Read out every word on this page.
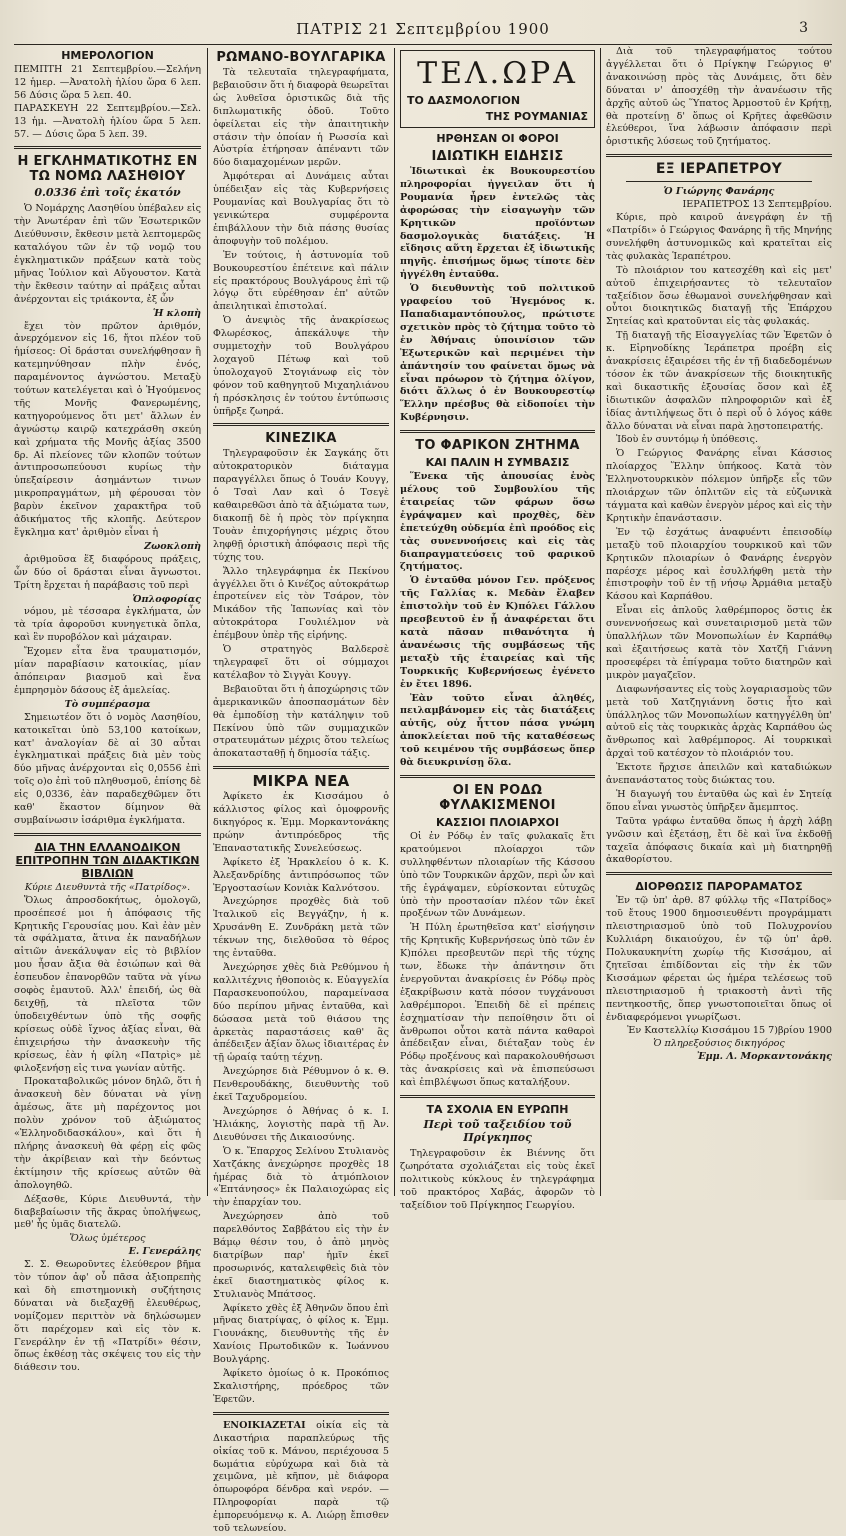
ΠΑΤΡΙΣ 21 Σεπτεμβρίου 1900	3
ΗΜΕΡΟΛΟΓΙΟΝ
ΠΕΜΠΤΗ 21 Σεπτεμβρίου.—Σελήνη 12 ἡμερ. —Ἀνατολὴ ἡλίου ὥρα 6 λεπ. 56 Δύσις ὥρα 5 λεπ. 40.
ΠΑΡΑΣΚΕΥΗ 22 Σεπτεμβρίου.—Σελ. 13 ἡμ. —Ἀνατολὴ ἡλίου ὥρα 5 λεπ. 57. — Δύσις ὥρα 5 λεπ. 39.
Η ΕΓΚΛΗΜΑΤΙΚΟΤΗΣ ΕΝ ΤΩ ΝΟΜΩ ΛΑΣΗΘΙΟΥ
0.0336 ἐπὶ τοῖς ἑκατόν

Ὁ Νομάρχης Λασηθίου ὑπέβαλεν εἰς τὴν Ἀνωτέραν ἐπὶ τῶν Ἐσωτερικῶν Διεύθυνσιν, ἔκθεσιν μετὰ λεπτομερῶς καταλόγου τῶν ἐν τῷ νομῷ του ἐγκληματικῶν πράξεων κατὰ τοὺς μῆνας Ἰούλιον καὶ Αὔγουστον. Κατὰ τὴν ἔκθεσιν ταύτην αἱ πράξεις αὗται ἀνέρχονται εἰς τριάκοντα, ἐξ ὧν

Ἡ κλοπὴ

ἔχει τὸν πρῶτον ἀριθμόν, ἀνερχόμενον εἰς 16, ἤτοι πλέον τοῦ ἡμίσεος: Οἱ δράσται συνελήφθησαν ἢ κατεμηνύθησαν πλὴν ἑνός, παραμένοντος ἀγνώστου. Μεταξὺ τούτων κατελέγεται καὶ ὁ Ἡγούμενος τῆς Μονῆς Φανερωμένης, κατηγορούμενος ὅτι μετ' ἄλλων ἐν ἀγνώστῳ καιρῷ κατεχράσθη σκεύη καὶ χρήματα τῆς Μονῆς ἀξίας 3500 δρ. Αἱ πλείονες τῶν κλοπῶν τούτων ἀντιπροσωπεύουσι κυρίως τὴν ὑπεξαίρεσιν ἀσημάντων τινων μικροπραγμάτων, μὴ φέρουσαι τὸν βαρὺν ἐκεῖνον χαρακτῆρα τοῦ ἀδικήματος τῆς κλοπῆς. Δεύτερον ἔγκλημα κατ' ἀριθμὸν εἶναι ἡ

Ζωοκλοπὴ

ἀριθμοῦσα ἕξ διαφόρους πράξεις, ὧν δύο οἱ δράσται εἶναι ἄγνωστοι. Τρίτη ἔρχεται ἡ παράβασις τοῦ περὶ

Ὁπλοφορίας

νόμου, μὲ τέσσαρα ἐγκλήματα, ὧν τὰ τρία ἀφοροῦσι κυνηγετικὰ ὅπλα, καὶ ἓν πυροβόλον καὶ μάχαιραν.

Ἔχομεν εἶτα ἕνα τραυματισμόν, μίαν παραβίασιν κατοικίας, μίαν ἀπόπειραν βιασμοῦ καὶ ἕνα ἐμπρησμὸν δάσους ἐξ ἀμελείας.

Τὸ συμπέρασμα

Σημειωτέον ὅτι ὁ νομὸς Λασηθίου, κατοικεῖται ὑπὸ 53,100 κατοίκων, κατ' ἀναλογίαν δὲ αἱ 30 αὗται ἐγκληματικαὶ πράξεις διὰ μὲν τοὺς δύο μῆνας ἀνέρχονται εἰς 0,0556 ἐπὶ τοῖς ο)ο ἐπὶ τοῦ πληθυσμοῦ, ἐπίσης δὲ εἰς 0,0336, ἐὰν παραδεχθῶμεν ὅτι καθ' ἕκαστον δίμηνον θὰ συμβαίνωσιν ἰσάριθμα ἐγκλήματα.

ΔΙΑ ΤΗΝ ΕΛΛΑΝΟΔΙΚΟΝ ΕΠΙΤΡΟΠΗΝ ΤΩΝ ΔΙΔΑΚΤΙΚΩΝ ΒΙΒΛΙΩΝ
Κύριε Διευθυντὰ τῆς «Πατρίδος».

Ὅλως ἀπροσδοκήτως, ὁμολογῶ, προσέπεσέ μοι ἡ ἀπόφασις τῆς Κρητικῆς Γερουσίας μου. Καὶ ἐὰν μὲν τὰ σφάλματα, ἅτινα ἐκ παναδήλων αἰτιῶν ἀνεκάλυψαν εἰς τὸ βιβλίον μου ἦσαν ἄξια θὰ ἐσιώπων καὶ θὰ ἐσπευδον ἐπανορθῶν ταῦτα νὰ γίνω σοφὸς ἐμαυτοῦ. Ἀλλ' ἐπειδή, ὡς θὰ δειχθῇ, τὰ πλεῖστα τῶν ὑποδειχθέντων ὑπὸ τῆς σοφῆς κρίσεως οὐδὲ ἴχνος ἀξίας εἶναι, θὰ ἐπιχειρήσω τὴν ἀνασκευὴν τῆς κρίσεως, ἐὰν ἡ φίλη «Πατρὶς» μὲ φιλοξενήσῃ εἰς τινα γωνίαν αὐτῆς.

Προκαταβολικῶς μόνον δηλῶ, ὅτι ἡ ἀνασκευὴ δὲν δύναται νὰ γίνῃ ἀμέσως, ἅτε μὴ παρέχοντος μοι πολὺν χρόνον τοῦ ἀξιώματος «Ἑλληνοδιδασκάλου», καὶ ὅτι ἡ πλήρης ἀνασκευὴ θὰ φέρῃ εἰς φῶς τὴν ἀκρίβειαν καὶ τὴν δεόντως ἐκτίμησιν τῆς κρίσεως αὐτῶν θὰ ἀπολογηθῶ.

Δέξασθε, Κύριε Διευθυντά, τὴν διαβεβαίωσιν τῆς ἄκρας ὑπολήψεως, μεθ' ἧς ὑμᾶς διατελῶ.

Ὅλως ὑμέτερος
Ε. Γενεράλης

Σ. Σ. Θεωροῦντες ἐλεύθερον βῆμα τὸν τύπον ἀφ' οὗ πᾶσα ἀξιοπρεπὴς καὶ δὴ επιστημονικὴ συζήτησις δύναται νὰ διεξαχθῇ ἐλευθέρως, νομίζομεν περιττὸν νὰ δηλώσωμεν ὅτι παρέχομεν καὶ εἰς τὸν κ. Γενεράλην ἐν τῇ «Πατρίδι» θέσιν, ὅπως ἐκθέσῃ τὰς σκέψεις του εἰς τὴν διάθεσιν του.

ΡΩΜΑΝΟ-ΒΟΥΛΓΑΡΙΚΑ

Τὰ τελευταῖα τηλεγραφήματα, βεβαιοῦσιν ὅτι ἡ διαφορὰ θεωρεῖται ὡς λυθεῖσα ὁριστικῶς διὰ τῆς διπλωματικῆς ὁδοῦ. Τοῦτο ὀφείλεται εἰς τὴν ἀπαιτητικὴν στάσιν τὴν ὁποίαν ἡ Ρωσσία καὶ Αὐστρία ἐτήρησαν ἀπέναντι τῶν δύο διαμαχομένων μερῶν.

Ἀμφότεραι αἱ Δυνάμεις αὗται ὑπέδειξαν εἰς τὰς Κυβερνήσεις Ρουμανίας καὶ Βουλγαρίας ὅτι τὸ γενικώτερα συμφέροντα ἐπιβάλλουν τὴν διὰ πάσης θυσίας ἀποφυγὴν τοῦ πολέμου.

Ἐν τούτοις, ἡ ἀστυνομία τοῦ Βουκουρεστίου ἐπέτεινε καὶ πάλιν εἰς πρακτόρους Βουλγάρους ἐπὶ τῷ λόγῳ ὅτι εὑρέθησαν ἐπ' αὐτῶν ἀπειλητικαὶ ἐπιστολαί.

Ὁ ἀνεψιὸς τῆς ἀνακρίσεως Φλωρέσκος, ἀπεκάλυψε τὴν συμμετοχὴν τοῦ Βουλγάρου λοχαγοῦ Πέτωφ καὶ τοῦ ὑπολοχαγοῦ Στογιάνωφ εἰς τὸν φόνον τοῦ καθηγητοῦ Μιχαηλιάνου ἡ πρόσκλησις ἐν τούτου ἐντύπωσις ὑπῆρξε ζωηρά.

ΚΙΝΕΖΙΚΑ

Τηλεγραφοῦσιν ἐκ Σαγκάης ὅτι αὐτοκρατορικὸν διάταγμα παραγγέλλει ὅπως ὁ Τουάν Κουγγ, ὁ Τσαὶ Λαν καὶ ὁ Τσεγὲ καθαιρεθῶσι ἀπὸ τὰ ἀξιώματα των, διακοπῇ δὲ ἡ πρὸς τὸν πρίγκηπα Τουὰν ἐπιχορήγησις μέχρις ὅτου ληφθῇ ὁριστικὴ ἀπόφασις περὶ τῆς τύχης του.

Ἄλλο τηλεγράφημα ἐκ Πεκίνου ἀγγέλλει ὅτι ὁ Κινέζος αὐτοκράτωρ ἐπροτείνεν εἰς τὸν Τσάρον, τὸν Μικάδον τῆς Ἰαπωνίας καὶ τὸν αὐτοκράτορα Γουλιέλμον νὰ ἐπέμβουν ὑπὲρ τῆς εἰρήνης.

Ὁ στρατηγὸς Βαλδερσὲ τηλεγραφεῖ ὅτι οἱ σύμμαχοι κατέλαβον τὸ Σιγγὰι Κουγγ.

Βεβαιοῦται ὅτι ἡ ἀποχώρησις τῶν ἀμερικανικῶν ἀποσπασμάτων δὲν θὰ ἐμποδίσῃ τὴν κατάληψιν τοῦ Πεκίνου ὑπὸ τῶν συμμαχικῶν στρατευμάτων μέχρις ὅτου τελείως ἀποκατασταθῇ ἡ δημοσία τάξις.

ΜΙΚΡΑ ΝΕΑ

Ἀφίκετο ἐκ Κισσάμου ὁ κάλλιστος φίλος καὶ ὁμοφρονῆς δικηγόρος κ. Ἐμμ. Μορκαντονάκης πρώην ἀντιπρόεδρος τῆς Ἐπαναστατικῆς Συνελεύσεως.

Ἀφίκετο ἐξ Ἡρακλείου ὁ κ. Κ. Ἀλεξανδρίδης ἀντιπρόσωπος τῶν Ἐργοστασίων Κονιὰκ Καλνότσου.

Ἀνεχώρησε προχθὲς διὰ τοῦ Ἰταλικοῦ εἰς Βεγγάζην, ἡ κ. Χρυσάνθη Ε. Ζυνδράκη μετὰ τῶν τέκνων της, διελθοῦσα τὸ θέρος της ἐνταῦθα.

Ἀνεχώρησε χθὲς διὰ Ρεθύμνου ἡ καλλιτέχνις ἠθοποιὸς κ. Εὐαγγελία Παρασκευοπούλου, παραμείνασα δύο περίπου μῆνας ἐνταῦθα, καὶ δώσασα μετὰ τοῦ θιάσου της ἀρκετὰς παραστάσεις καθ' ἃς ἀπέδειξεν ἀξίαν ὅλως ἰδιαιτέρας ἐν τῇ ὡραίᾳ ταύτῃ τέχνῃ.

Ἀνεχώρησε διὰ Ρέθυμνον ὁ κ. Θ. Πενθερουδάκης, διευθυντὴς τοῦ ἐκεῖ Ταχυδρομείου.

Ἀνεχώρησε ὁ Ἀθήνας ὁ κ. Ι. Ἠλιάκης, λογιστὴς παρὰ τῇ Ἀν. Διευθύνσει τῆς Δικαιοσύνης.

Ὁ κ. Ἔπαρχος Σελίνου Στυλιανὸς Χατζάκης ἀνεχώρησε προχθὲς 18 ἡμέρας διὰ τὸ ἀτμόπλοιον «Ἐπτάνησος» ἐκ Παλαιοχώρας εἰς τὴν ἐπαρχίαν του.

Ἀνεχώρησεν ἀπὸ τοῦ παρελθόντος Σαββάτου εἰς τὴν ἐν Βάμῳ θέσιν του, ὁ ἀπὸ μηνὸς διατρίβων παρ' ἡμῖν ἐκεῖ προσωρινός, καταλειφθεὶς διὰ τὸν ἐκεῖ διαστηματικὸς φίλος κ. Στυλιανὸς Μπάτσος.

Ἀφίκετο χθὲς ἐξ Ἀθηνῶν ὅπου ἐπὶ μῆνας διατρίψας, ὁ φίλος κ. Ἐμμ. Γιουνάκης, διευθυντὴς τῆς ἐν Χανίοις Πρωτοδικῶν κ. Ἰωάννου Βουλγάρης.

Ἀφίκετο ὁμοίως ὁ κ. Προκόπιος Σκαλιστήρης, πρόεδρος τῶν Ἐφετῶν.

ΕΝΟΙΚΙΑΖΕΤΑΙ οἰκία εἰς τὰ Δικαστήρια παραπλεύρως τῆς οἰκίας τοῦ κ. Μάνου, περιέχουσα 5 δωμάτια εὐρύχωρα καὶ διὰ τὰ χειμῶνα, μὲ κῆπον, μὲ διάφορα ὀπωροφόρα δένδρα καὶ νερόν. — Πληροφορίαι παρὰ τῷ ἐμπορευόμενῳ κ. Α. Λιώρῃ ἔπισθεν τοῦ τελωνείου.

ΤΕΛ.ΩΡΑ
ΤΟ ΔΑΣΜΟΛΟΓΙΟΝ
ΤΗΣ ΡΟΥΜΑΝΙΑΣ
ΗΡΘΗΣΑΝ ΟΙ ΦΟΡΟΙ
ΙΔΙΩΤΙΚΗ ΕΙΔΗΣΙΣ

Ἰδιωτικαὶ ἐκ Βουκουρεστίου πληροφορίαι ἠγγειλαν ὅτι ἡ Ρουμανία ἦρεν ἐντελῶς τὰς ἀφορώσας τὴν εἰσαγωγὴν τῶν Κρητικῶν προϊόντων δασμολογικὰς διατάξεις. Ἡ εἴδησις αὕτη ἔρχεται ἐξ ἰδιωτικῆς πηγῆς. ἐπισήμως ὅμως τίποτε δὲν ἠγγέλθη ἐνταῦθα.

Ὁ διευθυντὴς τοῦ πολιτικοῦ γραφείου τοῦ Ἡγεμόνος κ. Παπαδιαμαντόπουλος, πρώτιστε σχετικὸν πρὸς τὸ ζήτημα τοῦτο τὸ ἐν Ἀθήναις ὑποινίσιον τῶν Ἐξωτερικῶν καὶ περιμένει τὴν ἀπάντησίν του φαίνεται ὅμως νὰ εἶναι πρόωρον τὸ ζήτημα ὀλίγον, διότι ἄλλως ὁ ἐν Βουκουρεστίῳ Ἕλλην πρέσβυς θὰ εἰδοποίει τὴν Κυβέρνησιν.

ΤΟ ΦΑΡΙΚΟΝ ΖΗΤΗΜΑ
ΚΑΙ ΠΑΛΙΝ Η ΣΥΜΒΑΣΙΣ

Ἕνεκα τῆς ἀπουσίας ἑνὸς μέλους τοῦ Συμβουλίου τῆς ἑταιρείας τῶν φάρων ὅσω ἐγράψαμεν καὶ προχθὲς, δὲν ἐπετεύχθη οὐδεμία ἐπὶ προόδος εἰς τὰς συνεννοήσεις καὶ εἰς τὰς διαπραγματεύσεις τοῦ φαρικοῦ ζητήματος.

Ὁ ἐνταῦθα μόνον Γεν. πρόξενος τῆς Γαλλίας κ. Μεδὰν ἔλαβεν ἐπιστολὴν τοῦ ἐν Κ)πόλει Γάλλου πρεσβευτοῦ ἐν ᾗ ἀναφέρεται ὅτι κατὰ πᾶσαν πιθανότητα ἡ ἀνανέωσις τῆς συμβάσεως τῆς μεταξὺ τῆς ἑταιρείας καὶ τῆς Τουρκικῆς Κυβερνήσεως ἐγένετο ἐν ἔτει 1896.

Ἐὰν τοῦτο εἶναι ἀληθές, πειλαμβάνομεν εἰς τὰς διατάξεις αὐτῆς, οὐχ ἧττον πάσα γνώμη ἀποκλείεται ποῦ τῆς καταθέσεως τοῦ κειμένου τῆς συμβάσεως ὅπερ θὰ διευκρινίσῃ ὅλα.

ΟΙ ΕΝ ΡΟΔΩ ΦΥΛΑΚΙΣΜΕΝΟΙ
ΚΑΣΣΙΟΙ ΠΛΟΙΑΡΧΟΙ

Οἱ ἐν Ρόδῳ ἐν ταῖς φυλακαῖς ἔτι κρατούμενοι πλοίαρχοι τῶν συλληφθέντων πλοιαρίων τῆς Κάσσου ὑπὸ τῶν Τουρκικῶν ἀρχῶν, περὶ ὧν καὶ τῆς ἐγράψαμεν, εὑρίσκονται εὐτυχῶς ὑπὸ τὴν προστασίαν πλέον τῶν ἐκεῖ προξένων τῶν Δυνάμεων.

Ἡ Πύλη ἐρωτηθεῖσα κατ' εἰσήγησιν τῆς Κρητικῆς Κυβερνήσεως ὑπὸ τῶν ἐν Κ)πόλει πρεσβευτῶν περὶ τῆς τύχης των, ἔδωκε τὴν ἀπάντησιν ὅτι ἐνεργοῦνται ἀνακρίσεις ἐν Ρόδῳ πρὸς ἐξακρίβωσιν κατὰ πόσον τυγχάνουσι λαθρέμποροι. Ἐπειδὴ δὲ εἰ πρέπεις ἐσχηματίσαν τὴν πεποίθησιν ὅτι οἱ ἄνθρωποι οὗτοι κατὰ πάντα καθαροὶ ἀπέδειξαν εἶναι, διέταξαν τοὺς ἐν Ρόδῳ προξένους καὶ παρακολουθήσωσι τὰς ἀνακρίσεις καὶ νὰ ἐπισπεύσωσι καὶ ἐπιβλέψωσι ὅπως καταλήξουν.

ΤΑ ΣΧΟΛΙΑ ΕΝ ΕΥΡΩΠΗ
Περὶ τοῦ ταξειδίου τοῦ Πρίγκηπος

Τηλεγραφοῦσιν ἐκ Βιέννης ὅτι ζωηρότατα σχολιάζεται εἰς τοὺς ἐκεῖ πολιτικοὺς κύκλους ἐν τηλεγράφημα τοῦ πρακτόρος Χαβάς, ἀφορῶν τὸ ταξείδιον τοῦ Πρίγκηπος Γεωργίου.

Διὰ τοῦ τηλεγραφήματος τούτου ἀγγέλλεται ὅτι ὁ Πρίγκηψ Γεώργιος θ' ἀνακοινώσῃ πρὸς τὰς Δυνάμεις, ὅτι δὲν δύναται ν' ἀποσχέθῃ τὴν ἀνανέωσιν τῆς ἀρχῆς αὐτοῦ ὡς Ὕπατος Ἁρμοστοῦ ἐν Κρήτῃ, θὰ προτείνῃ δ' ὅπως οἱ Κρῆτες ἀφεθῶσιν ἐλεύθεροι, ἵνα λάβωσιν ἀπόφασιν περὶ ὁριστικῆς λύσεως τοῦ ζητήματος.

ΕΞ ΙΕΡΑΠΕΤΡΟΥ
Ὁ Γιώργης Φανάρης
ΙΕΡΑΠΕΤΡΟΣ 13 Σεπτεμβρίου.

Κύριε, πρὸ καιροῦ ἀνεγράφη ἐν τῇ «Πατρίδι» ὁ Γεώργιος Φανάρης ἢ τῆς Μηνήης συνελήφθη ἀστυνομικῶς καὶ κρατεῖται εἰς τὰς φυλακὰς Ἱεραπέτρου.

Τὸ πλοιάριον του κατεσχέθη καὶ εἰς μετ' αὐτοῦ ἐπιχειρήσαντες τὸ τελευταῖον ταξείδιον ὅσω ἐθωμανοὶ συνελήφθησαν καὶ οὗτοι διοικητικῶς διαταγῇ τῆς Ἐπάρχου Σητείας καὶ κρατοῦνται εἰς τὰς φυλακάς.

Τῇ διαταγῇ τῆς Εἰσαγγελίας τῶν Ἐφετῶν ὁ κ. Εἰρηνοδίκης Ἱεράπετρα προέβη εἰς ἀνακρίσεις ἐξαιρέσει τῆς ἐν τῇ διαδεδομένων τόσον ἐκ τῶν ἀνακρίσεων τῆς διοικητικῆς καὶ δικαστικῆς ἐξουσίας ὅσον καὶ ἐξ ἰδιωτικῶν ἀσφαλῶν πληροφοριῶν καὶ ἐξ ἰδίας ἀντιλήψεως ὅτι ὁ περὶ οὗ ὁ λόγος κάθε ἄλλο δύναται νὰ εἶναι παρὰ λῃστοπειρατής.

Ἰδοὺ ἐν συντόμῳ ἡ ὑπόθεσις.

Ὁ Γεώργιος Φανάρης εἶναι Κάσσιος πλοίαρχος Ἕλλην ὑπήκοος. Κατὰ τὸν Ἑλληνοτουρκικὸν πόλεμον ὑπῆρξε εἷς τῶν πλοιάρχων τῶν ὁπλιτῶν εἰς τὰ εὐζωνικὰ τάγματα καὶ καθὼν ἐνεργὸν μέρος καὶ εἰς τὴν Κρητικὴν ἐπανάστασιν.

Ἐν τῷ ἐσχάτως ἀναφυέντι ἐπεισοδίῳ μεταξὺ τοῦ πλοιαρχίου τουρκικοῦ καὶ τῶν Κρητικῶν πλοιαρίων ὁ Φανάρης ἐνεργὸν παρέσχε μέρος καὶ ἐσυλλήφθη μετὰ τὴν ἐπιστροφὴν τοῦ ἐν τῇ νήσῳ Ἀρμάθια μεταξὺ Κάσου καὶ Καρπάθου.

Εἶναι εἰς ἀπλοῦς λαθρέμπορος ὅστις ἐκ συνεννοήσεως καὶ συνεταιρισμοῦ μετὰ τῶν ὑπαλλήλων τῶν Μονοπωλίων ἐν Καρπάθῳ καὶ ἐξαιτήσεως κατὰ τὸν Χατζῆ Γιάννη προσεφέρει τὰ ἐπίγραμα τοῦτο διατηρῶν καὶ μικρὸν μαγαζεῖον.

Διαφωνήσαντες εἰς τοὺς λογαριασμοὺς τῶν μετὰ τοῦ Χατζηγιάννη ὅστις ἦτο καὶ ὑπάλληλος τῶν Μονοπωλίων κατηγγέλθη ὑπ' αὐτοῦ εἰς τὰς τουρκικὰς ἀρχὰς Καρπάθου ὡς ἄνθρωπος καὶ λαθρέμπορος. Αἱ τουρκικαὶ ἀρχαὶ τοῦ κατέσχον τὸ πλοιάριόν του.

Ἐκτοτε ἤρχισε ἀπειλῶν καὶ καταδιώκων ἀνεπανάστατος τοὺς διώκτας του.

Ἡ διαγωγή του ἐνταῦθα ὡς καὶ ἐν Σητείᾳ ὅπου εἶναι γνωστὸς ὑπῆρξεν ἄμεμπτος.

Ταῦτα γράφω ἐνταῦθα ὅπως ἡ ἀρχὴ λάβῃ γνῶσιν καὶ ἐξετάσῃ, ἔτι δὲ καὶ ἵνα ἐκδοθῇ ταχεῖα ἀπόφασις δικαία καὶ μὴ διατηρηθῇ ἀκαθορίστου.

ΔΙΟΡΘΩΣΙΣ ΠΑΡΟΡΑΜΑΤΟΣ

Ἐν τῷ ὑπ' ἀρθ. 87 φύλλῳ τῆς «Πατρίδος» τοῦ ἔτους 1900 δημοσιευθέντι προγράμματι πλειστηριασμοῦ ὑπὸ τοῦ Πολυχρονίου Κυλλιάρη δικαιούχου, ἐν τῷ ὑπ' ἀρθ. Πολυκαυκηνίτη χωρίῳ τῆς Κισσάμου, αἱ ζητεῖσαι ἐπιδίδονται εἰς τὴν ἐκ τῶν Κισσάμων φέρεται ὡς ἡμέρα τελέσεως τοῦ πλειστηριασμοῦ ἡ τριακοστὴ ἀντὶ τῆς πεντηκοστῆς, ὅπερ γνωστοποιεῖται ὅπως οἱ ἐνδιαφερόμενοι γνωρίζωσι.

Ἐν Καστελλίῳ Κισσάμου 15 7)βρίου 1900
Ὁ πληρεξούσιος δικηγόρος
Ἐμμ. Λ. Μορκαντονάκης
